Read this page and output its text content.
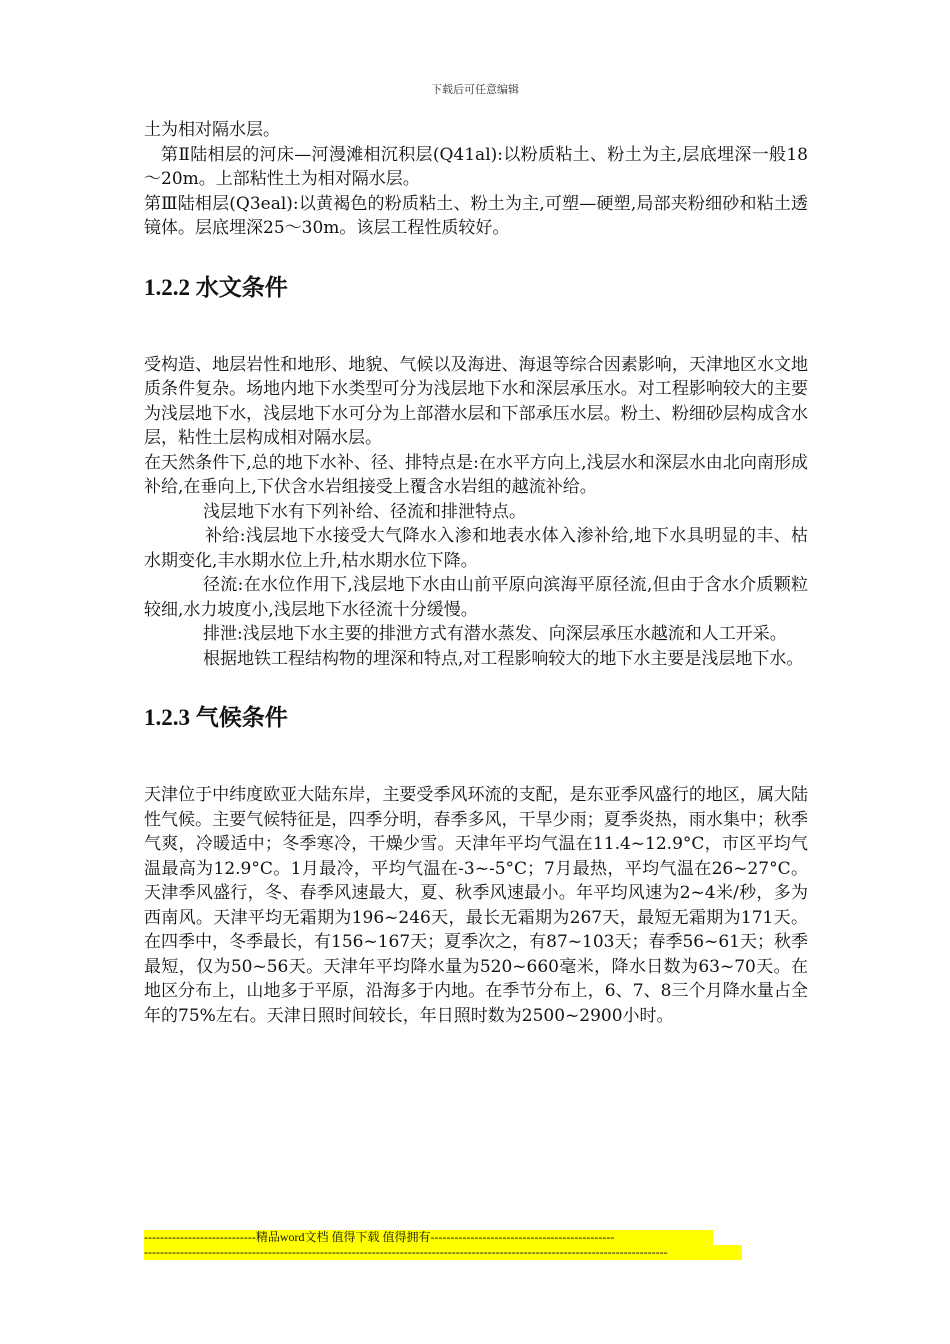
下载后可任意编辑

土为相对隔水层。

第Ⅱ陆相层的河床—河漫滩相沉积层(Q41al):以粉质粘土、粉土为主,层底埋深一般18～20m。上部粘性土为相对隔水层。

第Ⅲ陆相层(Q3eal):以黄褐色的粉质粘土、粉土为主,可塑—硬塑,局部夹粉细砂和粘土透镜体。层底埋深25～30m。该层工程性质较好。

1.2.2 水文条件

受构造、地层岩性和地形、地貌、气候以及海进、海退等综合因素影响，天津地区水文地质条件复杂。场地内地下水类型可分为浅层地下水和深层承压水。对工程影响较大的主要为浅层地下水，浅层地下水可分为上部潜水层和下部承压水层。粉土、粉细砂层构成含水层，粘性土层构成相对隔水层。

在天然条件下,总的地下水补、径、排特点是:在水平方向上,浅层水和深层水由北向南形成补给,在垂向上,下伏含水岩组接受上覆含水岩组的越流补给。

浅层地下水有下列补给、径流和排泄特点。

补给:浅层地下水接受大气降水入渗和地表水体入渗补给,地下水具明显的丰、枯水期变化,丰水期水位上升,枯水期水位下降。

径流:在水位作用下,浅层地下水由山前平原向滨海平原径流,但由于含水介质颗粒较细,水力坡度小,浅层地下水径流十分缓慢。

排泄:浅层地下水主要的排泄方式有潜水蒸发、向深层承压水越流和人工开采。

根据地铁工程结构物的埋深和特点,对工程影响较大的地下水主要是浅层地下水。

1.2.3 气候条件

天津位于中纬度欧亚大陆东岸，主要受季风环流的支配，是东亚季风盛行的地区，属大陆性气候。主要气候特征是，四季分明，春季多风，干旱少雨；夏季炎热，雨水集中；秋季气爽，冷暖适中；冬季寒冷，干燥少雪。天津年平均气温在11.4~12.9°C，市区平均气温最高为12.9°C。1月最冷，平均气温在-3~-5°C；7月最热，平均气温在26~27°C。天津季风盛行，冬、春季风速最大，夏、秋季风速最小。年平均风速为2~4米/秒，多为西南风。天津平均无霜期为196~246天，最长无霜期为267天，最短无霜期为171天。在四季中，冬季最长，有156~167天；夏季次之，有87~103天；春季56~61天；秋季最短，仅为50~56天。天津年平均降水量为520~660毫米，降水日数为63~70天。在地区分布上，山地多于平原，沿海多于内地。在季节分布上，6、7、8三个月降水量占全年的75%左右。天津日照时间较长，年日照时数为2500~2900小时。

----------------------------精品word文档 值得下载 值得拥有----------------------------------------------
-----------------------------------------------------------------------------------------------------------------------------------
